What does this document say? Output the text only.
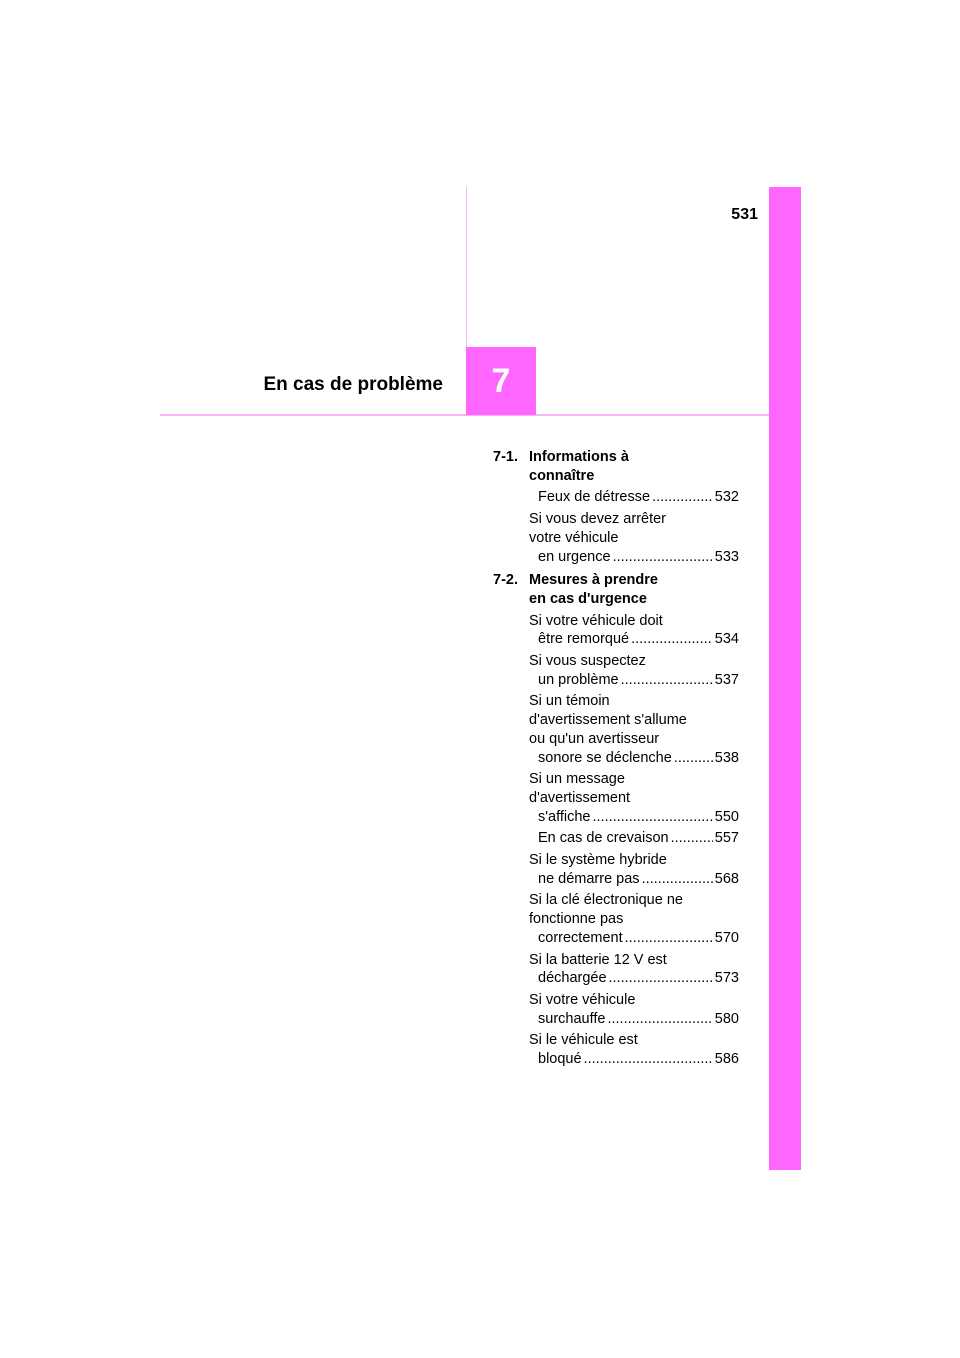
531
En cas de problème 7
7-1. Informations à
connaître
Feux de détresse .....	532
Si vous devez arrêter
votre véhicule
en urgence .....	533
7-2. Mesures à prendre
en cas d'urgence
Si votre véhicule doit
être remorqué .....	534
Si vous suspectez
un problème .....	537
Si un témoin
d'avertissement s'allume
ou qu'un avertisseur
sonore se déclenche .....	538
Si un message
d'avertissement
s'affiche .....	550
En cas de crevaison .....	557
Si le système hybride
ne démarre pas .....	568
Si la clé électronique ne
fonctionne pas
correctement .....	570
Si la batterie 12 V est
déchargée .....	573
Si votre véhicule
surchauffe .....	580
Si le véhicule est
bloqué .....	586
